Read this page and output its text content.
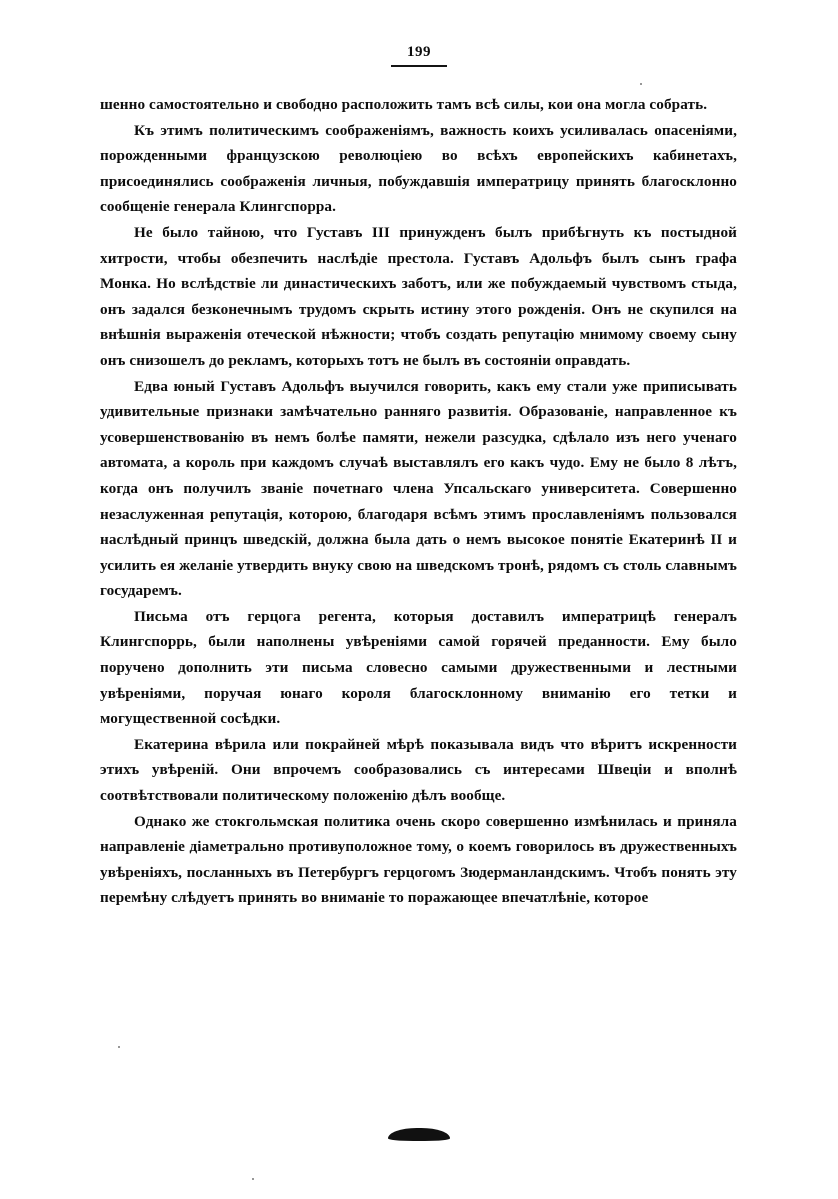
199

шенно самостоятельно и свободно расположить тамъ всѣ силы, кои она могла собрать.

Къ этимъ политическимъ соображеніямъ, важность коихъ усиливалась опасеніями, порожденными французскою революціею во всѣхъ европейскихъ кабинетахъ, присоединялись соображенія личныя, побуждавшія императрицу принять благосклонно сообщеніе генерала Клингспорра.

Не было тайною, что Густавъ III принужденъ былъ прибѣгнуть къ постыдной хитрости, чтобы обезпечить наслѣдіе престола. Густавъ Адольфъ былъ сынъ графа Монка. Но вслѣдствіе ли династическихъ заботъ, или же побуждаемый чувствомъ стыда, онъ задался безконечнымъ трудомъ скрыть истину этого рожденія. Онъ не скупился на внѣшнія выраженія отеческой нѣжности; чтобъ создать репутацію мнимому своему сыну онъ снизошелъ до рекламъ, которыхъ тотъ не былъ въ состояніи оправдать.

Едва юный Густавъ Адольфъ выучился говорить, какъ ему стали уже приписывать удивительные признаки замѣчательно ранняго развитія. Образованіе, направленное къ усовершенствованію въ немъ болѣе памяти, нежели разсудка, сдѣлало изъ него ученаго автомата, а король при каждомъ случаѣ выставлялъ его какъ чудо. Ему не было 8 лѣтъ, когда онъ получилъ званіе почетнаго члена Упсальскаго университета. Совершенно незаслуженная репутація, которою, благодаря всѣмъ этимъ прославленіямъ пользовался наслѣдный принцъ шведскій, должна была дать о немъ высокое понятіе Екатеринѣ II и усилить ея желаніе утвердить внуку свою на шведскомъ тронѣ, рядомъ съ столь славнымъ государемъ.

Письма отъ герцога регента, которыя доставилъ императрицѣ генералъ Клингспоррь, были наполнены увѣреніями самой горячей преданности. Ему было поручено дополнить эти письма словесно самыми дружественными и лестными увѣреніями, поручая юнаго короля благосклонному вниманію его тетки и могущественной сосѣдки.

Екатерина вѣрила или покрайней мѣрѣ показывала видъ что вѣритъ искренности этихъ увѣреній. Они впрочемъ сообразовались съ интересами Швеціи и вполнѣ соотвѣтствовали политическому положенію дѣлъ вообще.

Однако же стокгольмская политика очень скоро совершенно измѣнилась и приняла направленіе діаметрально противуположное тому, о коемъ говорилось въ дружественныхъ увѣреніяхъ, посланныхъ въ Петербургъ герцогомъ Зюдерманландскимъ. Чтобъ понять эту перемѣну слѣдуетъ принять во вниманіе то поражающее впечатлѣніе, которое
